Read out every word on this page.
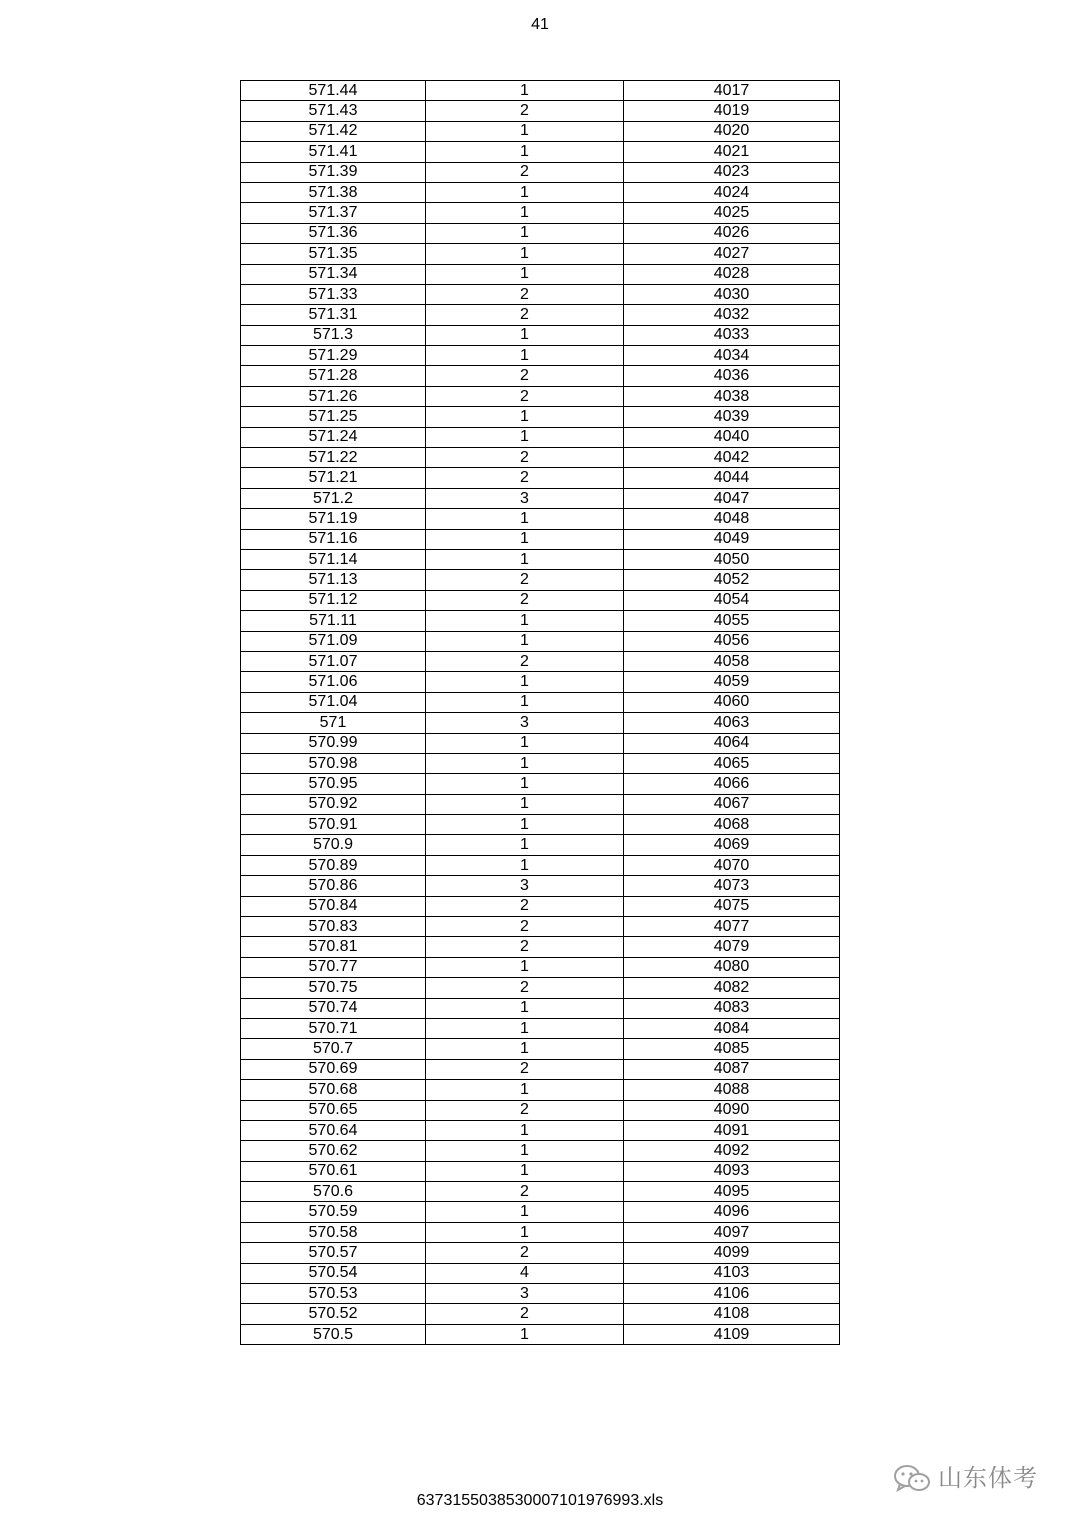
41
571.44	1	4017
571.43	2	4019
571.42	1	4020
571.41	1	4021
571.39	2	4023
571.38	1	4024
571.37	1	4025
571.36	1	4026
571.35	1	4027
571.34	1	4028
571.33	2	4030
571.31	2	4032
571.3	1	4033
571.29	1	4034
571.28	2	4036
571.26	2	4038
571.25	1	4039
571.24	1	4040
571.22	2	4042
571.21	2	4044
571.2	3	4047
571.19	1	4048
571.16	1	4049
571.14	1	4050
571.13	2	4052
571.12	2	4054
571.11	1	4055
571.09	1	4056
571.07	2	4058
571.06	1	4059
571.04	1	4060
571	3	4063
570.99	1	4064
570.98	1	4065
570.95	1	4066
570.92	1	4067
570.91	1	4068
570.9	1	4069
570.89	1	4070
570.86	3	4073
570.84	2	4075
570.83	2	4077
570.81	2	4079
570.77	1	4080
570.75	2	4082
570.74	1	4083
570.71	1	4084
570.7	1	4085
570.69	2	4087
570.68	1	4088
570.65	2	4090
570.64	1	4091
570.62	1	4092
570.61	1	4093
570.6	2	4095
570.59	1	4096
570.58	1	4097
570.57	2	4099
570.54	4	4103
570.53	3	4106
570.52	2	4108
570.5	1	4109
6373155038530007101976993.xls
山东体考
